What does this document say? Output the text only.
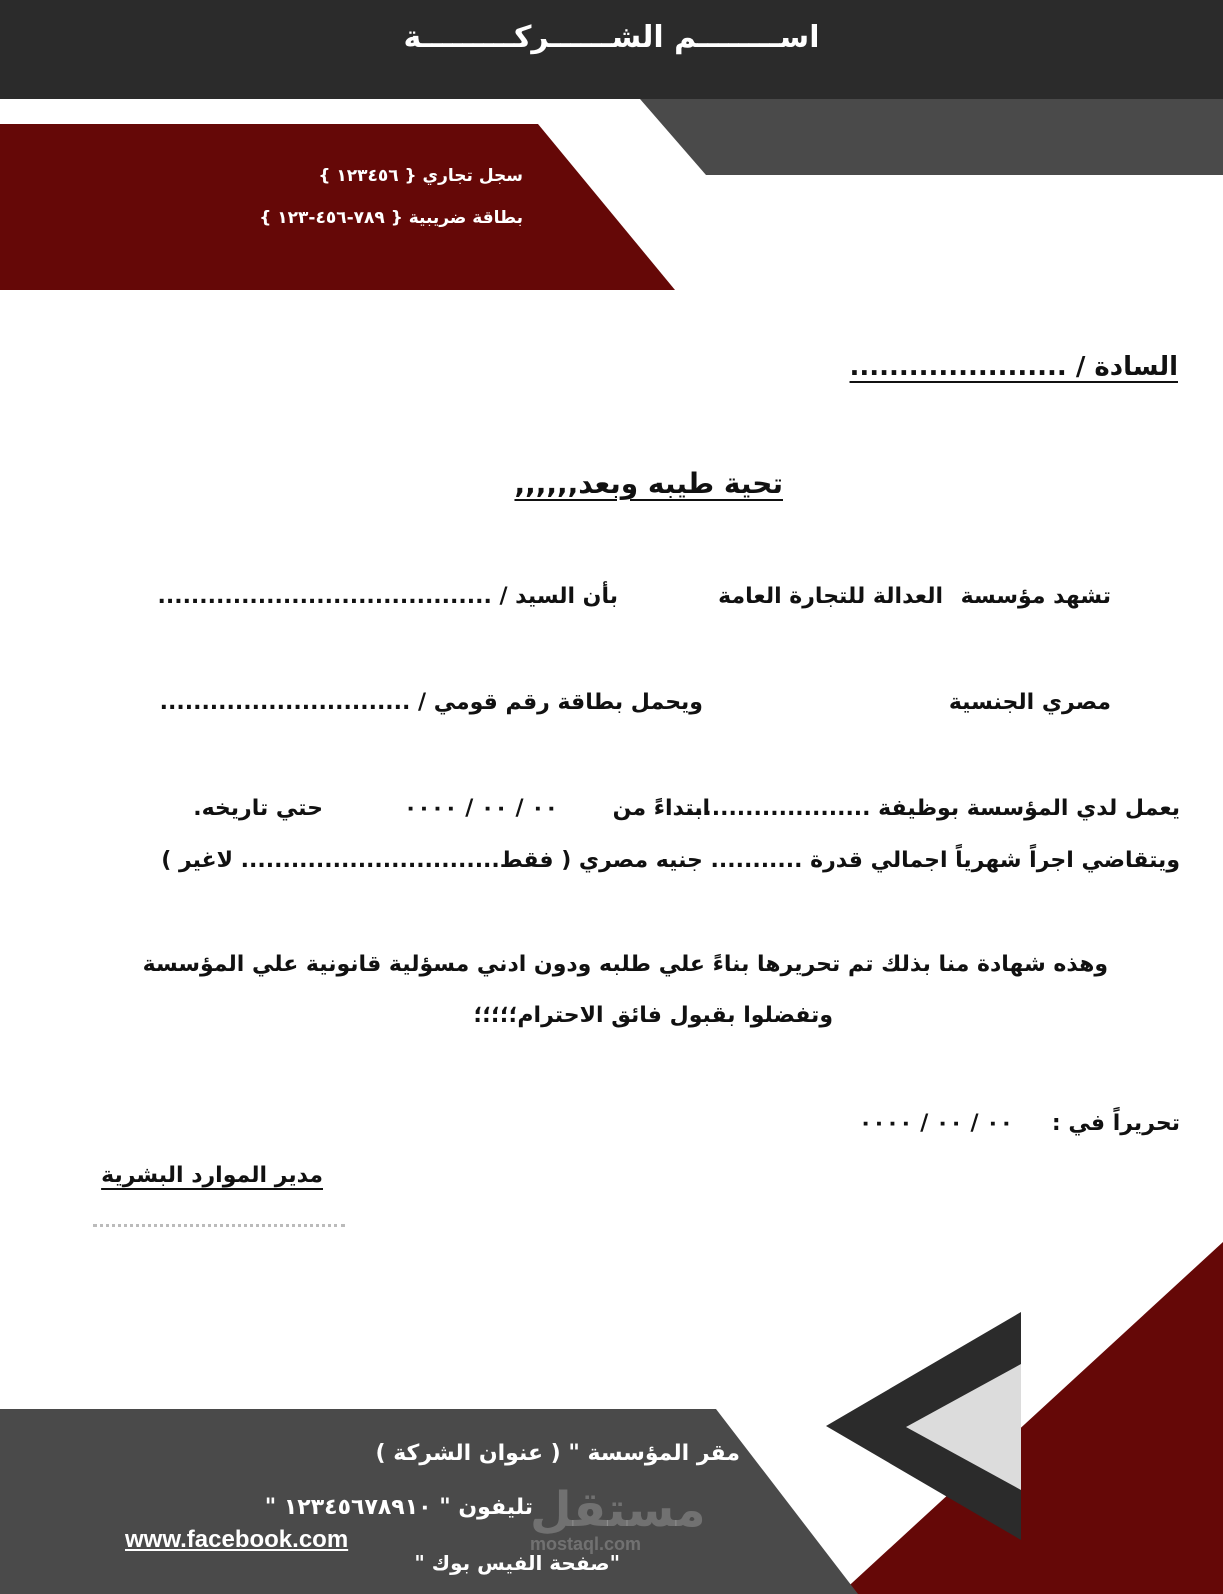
اســــــــم الشــــــركـــــــــة
سجل تجاري { ١٢٣٤٥٦ }
بطاقة ضريبية { ٧٨٩-٤٥٦-١٢٣ }
السادة / ......................
تحية طيبه وبعد,,,,,,
تشهد مؤسسة
العدالة للتجارة العامة
بأن السيد / ........................................
مصري الجنسية
ويحمل بطاقة رقم قومي / ..............................
يعمل لدي المؤسسة بوظيفة ......................
ابتداءً من
٠٠ / ٠٠ / ٠٠٠٠
حتي تاريخه.
ويتقاضي اجراً شهرياً اجمالي قدرة ........... جنيه مصري ( فقط............................... لاغير )
وهذه شهادة منا بذلك تم تحريرها بناءً علي طلبه ودون ادني مسؤلية قانونية علي المؤسسة
وتفضلوا بقبول فائق الاحترام؛؛؛؛؛
تحريراً في :
٠٠ / ٠٠ / ٠٠٠٠
مدير الموارد البشرية
مقر المؤسسة " ( عنوان الشركة )
تليفون " ١٢٣٤٥٦٧٨٩١٠ "
"صفحة الفيس بوك "
www.facebook.com
مستقل
mostaql.com
